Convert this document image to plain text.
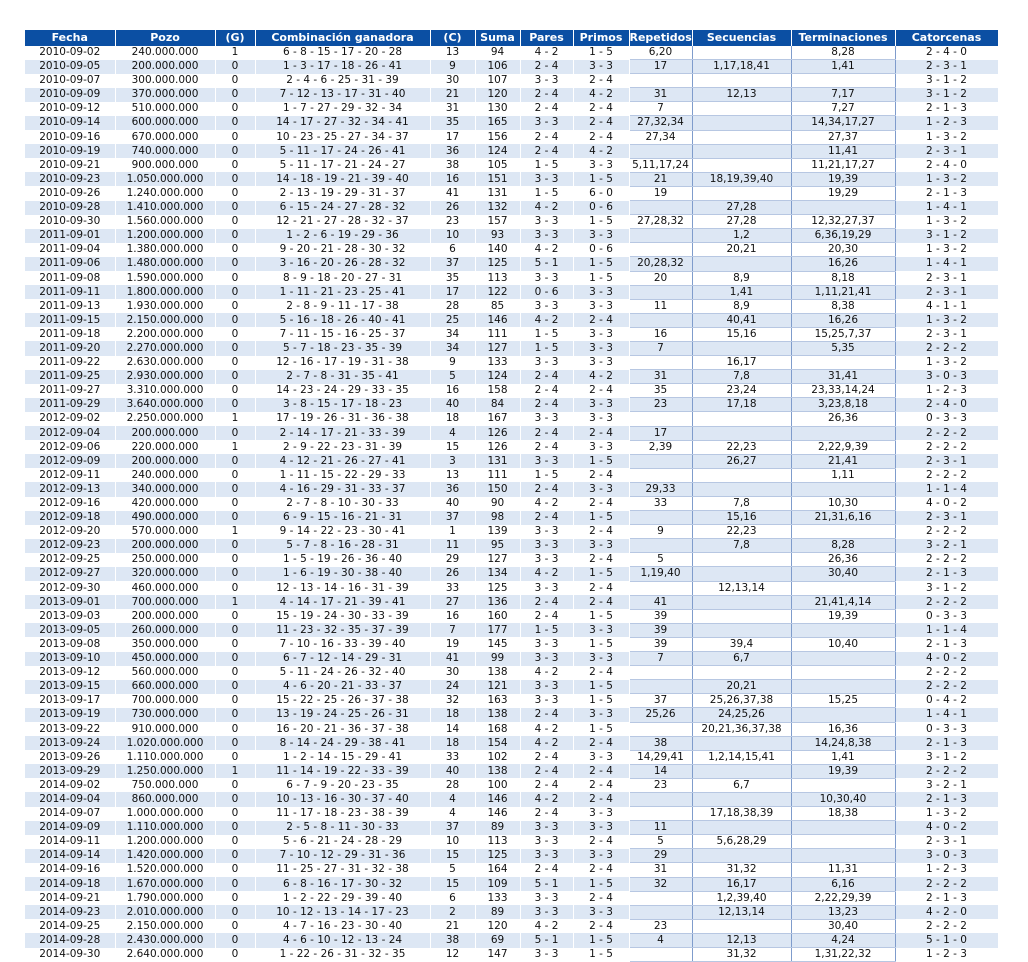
Fecha	Pozo	(G)	Combinación ganadora	(C)	Suma	Pares	Primos	Repetidos	Secuencias	Terminaciones	Catorcenas
2010-09-02	240.000.000	1	6 - 8 - 15 - 17 - 20 - 28	13	94	4 - 2	1 - 5	6,20		8,28	2 - 4 - 0
2010-09-05	200.000.000	0	1 - 3 - 17 - 18 - 26 - 41	9	106	2 - 4	3 - 3	17	1,17,18,41	1,41	2 - 3 - 1
2010-09-07	300.000.000	0	2 - 4 - 6 - 25 - 31 - 39	30	107	3 - 3	2 - 4				3 - 1 - 2
2010-09-09	370.000.000	0	7 - 12 - 13 - 17 - 31 - 40	21	120	2 - 4	4 - 2	31	12,13	7,17	3 - 1 - 2
2010-09-12	510.000.000	0	1 - 7 - 27 - 29 - 32 - 34	31	130	2 - 4	2 - 4	7		7,27	2 - 1 - 3
2010-09-14	600.000.000	0	14 - 17 - 27 - 32 - 34 - 41	35	165	3 - 3	2 - 4	27,32,34		14,34,17,27	1 - 2 - 3
2010-09-16	670.000.000	0	10 - 23 - 25 - 27 - 34 - 37	17	156	2 - 4	2 - 4	27,34		27,37	1 - 3 - 2
2010-09-19	740.000.000	0	5 - 11 - 17 - 24 - 26 - 41	36	124	2 - 4	4 - 2			11,41	2 - 3 - 1
2010-09-21	900.000.000	0	5 - 11 - 17 - 21 - 24 - 27	38	105	1 - 5	3 - 3	5,11,17,24		11,21,17,27	2 - 4 - 0
2010-09-23	1.050.000.000	0	14 - 18 - 19 - 21 - 39 - 40	16	151	3 - 3	1 - 5	21	18,19,39,40	19,39	1 - 3 - 2
2010-09-26	1.240.000.000	0	2 - 13 - 19 - 29 - 31 - 37	41	131	1 - 5	6 - 0	19		19,29	2 - 1 - 3
2010-09-28	1.410.000.000	0	6 - 15 - 24 - 27 - 28 - 32	26	132	4 - 2	0 - 6		27,28		1 - 4 - 1
2010-09-30	1.560.000.000	0	12 - 21 - 27 - 28 - 32 - 37	23	157	3 - 3	1 - 5	27,28,32	27,28	12,32,27,37	1 - 3 - 2
2011-09-01	1.200.000.000	0	1 - 2 - 6 - 19 - 29 - 36	10	93	3 - 3	3 - 3		1,2	6,36,19,29	3 - 1 - 2
2011-09-04	1.380.000.000	0	9 - 20 - 21 - 28 - 30 - 32	6	140	4 - 2	0 - 6		20,21	20,30	1 - 3 - 2
2011-09-06	1.480.000.000	0	3 - 16 - 20 - 26 - 28 - 32	37	125	5 - 1	1 - 5	20,28,32		16,26	1 - 4 - 1
2011-09-08	1.590.000.000	0	8 - 9 - 18 - 20 - 27 - 31	35	113	3 - 3	1 - 5	20	8,9	8,18	2 - 3 - 1
2011-09-11	1.800.000.000	0	1 - 11 - 21 - 23 - 25 - 41	17	122	0 - 6	3 - 3		1,41	1,11,21,41	2 - 3 - 1
2011-09-13	1.930.000.000	0	2 - 8 - 9 - 11 - 17 - 38	28	85	3 - 3	3 - 3	11	8,9	8,38	4 - 1 - 1
2011-09-15	2.150.000.000	0	5 - 16 - 18 - 26 - 40 - 41	25	146	4 - 2	2 - 4		40,41	16,26	1 - 3 - 2
2011-09-18	2.200.000.000	0	7 - 11 - 15 - 16 - 25 - 37	34	111	1 - 5	3 - 3	16	15,16	15,25,7,37	2 - 3 - 1
2011-09-20	2.270.000.000	0	5 - 7 - 18 - 23 - 35 - 39	34	127	1 - 5	3 - 3	7		5,35	2 - 2 - 2
2011-09-22	2.630.000.000	0	12 - 16 - 17 - 19 - 31 - 38	9	133	3 - 3	3 - 3		16,17		1 - 3 - 2
2011-09-25	2.930.000.000	0	2 - 7 - 8 - 31 - 35 - 41	5	124	2 - 4	4 - 2	31	7,8	31,41	3 - 0 - 3
2011-09-27	3.310.000.000	0	14 - 23 - 24 - 29 - 33 - 35	16	158	2 - 4	2 - 4	35	23,24	23,33,14,24	1 - 2 - 3
2011-09-29	3.640.000.000	0	3 - 8 - 15 - 17 - 18 - 23	40	84	2 - 4	3 - 3	23	17,18	3,23,8,18	2 - 4 - 0
2012-09-02	2.250.000.000	1	17 - 19 - 26 - 31 - 36 - 38	18	167	3 - 3	3 - 3			26,36	0 - 3 - 3
2012-09-04	200.000.000	0	2 - 14 - 17 - 21 - 33 - 39	4	126	2 - 4	2 - 4	17			2 - 2 - 2
2012-09-06	220.000.000	1	2 - 9 - 22 - 23 - 31 - 39	15	126	2 - 4	3 - 3	2,39	22,23	2,22,9,39	2 - 2 - 2
2012-09-09	200.000.000	0	4 - 12 - 21 - 26 - 27 - 41	3	131	3 - 3	1 - 5		26,27	21,41	2 - 3 - 1
2012-09-11	240.000.000	0	1 - 11 - 15 - 22 - 29 - 33	13	111	1 - 5	2 - 4			1,11	2 - 2 - 2
2012-09-13	340.000.000	0	4 - 16 - 29 - 31 - 33 - 37	36	150	2 - 4	3 - 3	29,33			1 - 1 - 4
2012-09-16	420.000.000	0	2 - 7 - 8 - 10 - 30 - 33	40	90	4 - 2	2 - 4	33	7,8	10,30	4 - 0 - 2
2012-09-18	490.000.000	0	6 - 9 - 15 - 16 - 21 - 31	37	98	2 - 4	1 - 5		15,16	21,31,6,16	2 - 3 - 1
2012-09-20	570.000.000	1	9 - 14 - 22 - 23 - 30 - 41	1	139	3 - 3	2 - 4	9	22,23		2 - 2 - 2
2012-09-23	200.000.000	0	5 - 7 - 8 - 16 - 28 - 31	11	95	3 - 3	3 - 3		7,8	8,28	3 - 2 - 1
2012-09-25	250.000.000	0	1 - 5 - 19 - 26 - 36 - 40	29	127	3 - 3	2 - 4	5		26,36	2 - 2 - 2
2012-09-27	320.000.000	0	1 - 6 - 19 - 30 - 38 - 40	26	134	4 - 2	1 - 5	1,19,40		30,40	2 - 1 - 3
2012-09-30	460.000.000	0	12 - 13 - 14 - 16 - 31 - 39	33	125	3 - 3	2 - 4		12,13,14		3 - 1 - 2
2013-09-01	700.000.000	1	4 - 14 - 17 - 21 - 39 - 41	27	136	2 - 4	2 - 4	41		21,41,4,14	2 - 2 - 2
2013-09-03	200.000.000	0	15 - 19 - 24 - 30 - 33 - 39	16	160	2 - 4	1 - 5	39		19,39	0 - 3 - 3
2013-09-05	260.000.000	0	11 - 23 - 32 - 35 - 37 - 39	7	177	1 - 5	3 - 3	39			1 - 1 - 4
2013-09-08	350.000.000	0	7 - 10 - 16 - 33 - 39 - 40	19	145	3 - 3	1 - 5	39	39,4	10,40	2 - 1 - 3
2013-09-10	450.000.000	0	6 - 7 - 12 - 14 - 29 - 31	41	99	3 - 3	3 - 3	7	6,7		4 - 0 - 2
2013-09-12	560.000.000	0	5 - 11 - 24 - 26 - 32 - 40	30	138	4 - 2	2 - 4				2 - 2 - 2
2013-09-15	660.000.000	0	4 - 6 - 20 - 21 - 33 - 37	24	121	3 - 3	1 - 5		20,21		2 - 2 - 2
2013-09-17	700.000.000	0	15 - 22 - 25 - 26 - 37 - 38	32	163	3 - 3	1 - 5	37	25,26,37,38	15,25	0 - 4 - 2
2013-09-19	730.000.000	0	13 - 19 - 24 - 25 - 26 - 31	18	138	2 - 4	3 - 3	25,26	24,25,26		1 - 4 - 1
2013-09-22	910.000.000	0	16 - 20 - 21 - 36 - 37 - 38	14	168	4 - 2	1 - 5		20,21,36,37,38	16,36	0 - 3 - 3
2013-09-24	1.020.000.000	0	8 - 14 - 24 - 29 - 38 - 41	18	154	4 - 2	2 - 4	38		14,24,8,38	2 - 1 - 3
2013-09-26	1.110.000.000	0	1 - 2 - 14 - 15 - 29 - 41	33	102	2 - 4	3 - 3	14,29,41	1,2,14,15,41	1,41	3 - 1 - 2
2013-09-29	1.250.000.000	1	11 - 14 - 19 - 22 - 33 - 39	40	138	2 - 4	2 - 4	14		19,39	2 - 2 - 2
2014-09-02	750.000.000	0	6 - 7 - 9 - 20 - 23 - 35	28	100	2 - 4	2 - 4	23	6,7		3 - 2 - 1
2014-09-04	860.000.000	0	10 - 13 - 16 - 30 - 37 - 40	4	146	4 - 2	2 - 4			10,30,40	2 - 1 - 3
2014-09-07	1.000.000.000	0	11 - 17 - 18 - 23 - 38 - 39	4	146	2 - 4	3 - 3		17,18,38,39	18,38	1 - 3 - 2
2014-09-09	1.110.000.000	0	2 - 5 - 8 - 11 - 30 - 33	37	89	3 - 3	3 - 3	11			4 - 0 - 2
2014-09-11	1.200.000.000	0	5 - 6 - 21 - 24 - 28 - 29	10	113	3 - 3	2 - 4	5	5,6,28,29		2 - 3 - 1
2014-09-14	1.420.000.000	0	7 - 10 - 12 - 29 - 31 - 36	15	125	3 - 3	3 - 3	29			3 - 0 - 3
2014-09-16	1.520.000.000	0	11 - 25 - 27 - 31 - 32 - 38	5	164	2 - 4	2 - 4	31	31,32	11,31	1 - 2 - 3
2014-09-18	1.670.000.000	0	6 - 8 - 16 - 17 - 30 - 32	15	109	5 - 1	1 - 5	32	16,17	6,16	2 - 2 - 2
2014-09-21	1.790.000.000	0	1 - 2 - 22 - 29 - 39 - 40	6	133	3 - 3	2 - 4		1,2,39,40	2,22,29,39	2 - 1 - 3
2014-09-23	2.010.000.000	0	10 - 12 - 13 - 14 - 17 - 23	2	89	3 - 3	3 - 3		12,13,14	13,23	4 - 2 - 0
2014-09-25	2.150.000.000	0	4 - 7 - 16 - 23 - 30 - 40	21	120	4 - 2	2 - 4	23		30,40	2 - 2 - 2
2014-09-28	2.430.000.000	0	4 - 6 - 10 - 12 - 13 - 24	38	69	5 - 1	1 - 5	4	12,13	4,24	5 - 1 - 0
2014-09-30	2.640.000.000	0	1 - 22 - 26 - 31 - 32 - 35	12	147	3 - 3	1 - 5		31,32	1,31,22,32	1 - 2 - 3
